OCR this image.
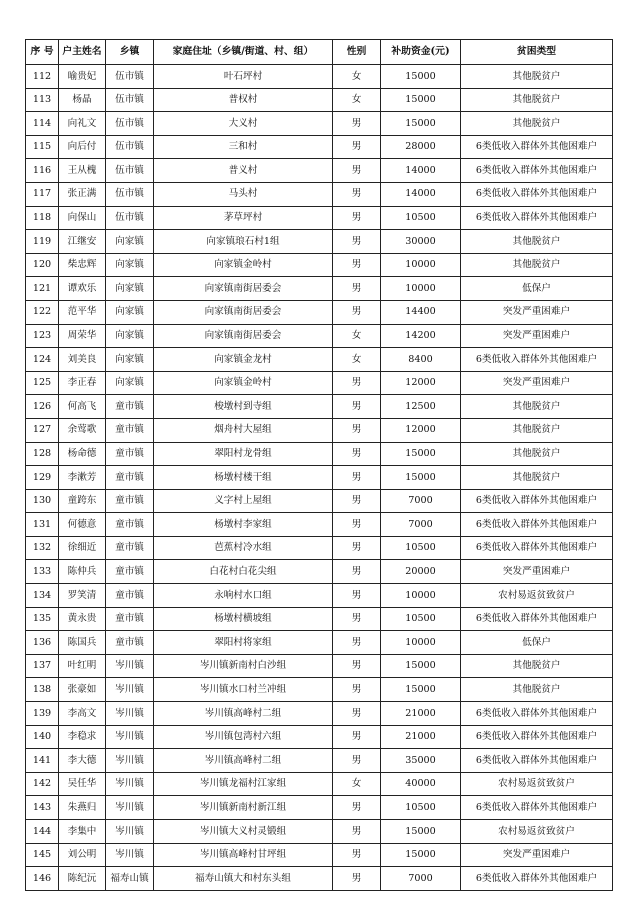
序 号	户主姓名	乡镇	家庭住址（乡镇/街道、村、组）	性别	补助资金(元)	贫困类型
112	喻贵妃	伍市镇	叶石坪村	女	15000	其他脱贫户
113	杨晶	伍市镇	普权村	女	15000	其他脱贫户
114	向礼文	伍市镇	大义村	男	15000	其他脱贫户
115	向后付	伍市镇	三和村	男	28000	6类低收入群体外其他困难户
116	王从槐	伍市镇	普义村	男	14000	6类低收入群体外其他困难户
117	张正满	伍市镇	马头村	男	14000	6类低收入群体外其他困难户
118	向保山	伍市镇	茅草坪村	男	10500	6类低收入群体外其他困难户
119	江继安	向家镇	向家镇琅石村1组	男	30000	其他脱贫户
120	柴忠辉	向家镇	向家镇金岭村	男	10000	其他脱贫户
121	谭欢乐	向家镇	向家镇南街居委会	男	10000	低保户
122	范平华	向家镇	向家镇南街居委会	男	14400	突发严重困难户
123	周荣华	向家镇	向家镇南街居委会	女	14200	突发严重困难户
124	刘美良	向家镇	向家镇金龙村	女	8400	6类低收入群体外其他困难户
125	李正春	向家镇	向家镇金岭村	男	12000	突发严重困难户
126	何高飞	童市镇	梭墩村到寺组	男	12500	其他脱贫户
127	余莺歌	童市镇	烟舟村大屋组	男	12000	其他脱贫户
128	杨命德	童市镇	翠阳村龙骨组	男	15000	其他脱贫户
129	李漱芳	童市镇	杨墩村楼干组	男	15000	其他脱贫户
130	童跨东	童市镇	义字村上屋组	男	7000	6类低收入群体外其他困难户
131	何德意	童市镇	杨墩村李家组	男	7000	6类低收入群体外其他困难户
132	徐细近	童市镇	芭蕉村冷水组	男	10500	6类低收入群体外其他困难户
133	陈仲兵	童市镇	白花村白花尖组	男	20000	突发严重困难户
134	罗笑清	童市镇	永响村水口组	男	10000	农村易返贫致贫户
135	黄永贵	童市镇	杨墩村横坡组	男	10500	6类低收入群体外其他困难户
136	陈国兵	童市镇	翠阳村将家组	男	10000	低保户
137	叶红明	岑川镇	岑川镇新南村白沙组	男	15000	其他脱贫户
138	张豪如	岑川镇	岑川镇水口村兰冲组	男	15000	其他脱贫户
139	李高文	岑川镇	岑川镇高峰村二组	男	21000	6类低收入群体外其他困难户
140	李稳求	岑川镇	岑川镇包湾村六组	男	21000	6类低收入群体外其他困难户
141	李大德	岑川镇	岑川镇高峰村二组	男	35000	6类低收入群体外其他困难户
142	吴任华	岑川镇	岑川镇龙福村江家组	女	40000	农村易返贫致贫户
143	朱燕归	岑川镇	岑川镇新南村新江组	男	10500	6类低收入群体外其他困难户
144	李集中	岑川镇	岑川镇大义村灵锻组	男	15000	农村易返贫致贫户
145	刘公明	岑川镇	岑川镇高峰村甘坪组	男	15000	突发严重困难户
146	陈纪沅	福寿山镇	福寿山镇大和村东头组	男	7000	6类低收入群体外其他困难户
